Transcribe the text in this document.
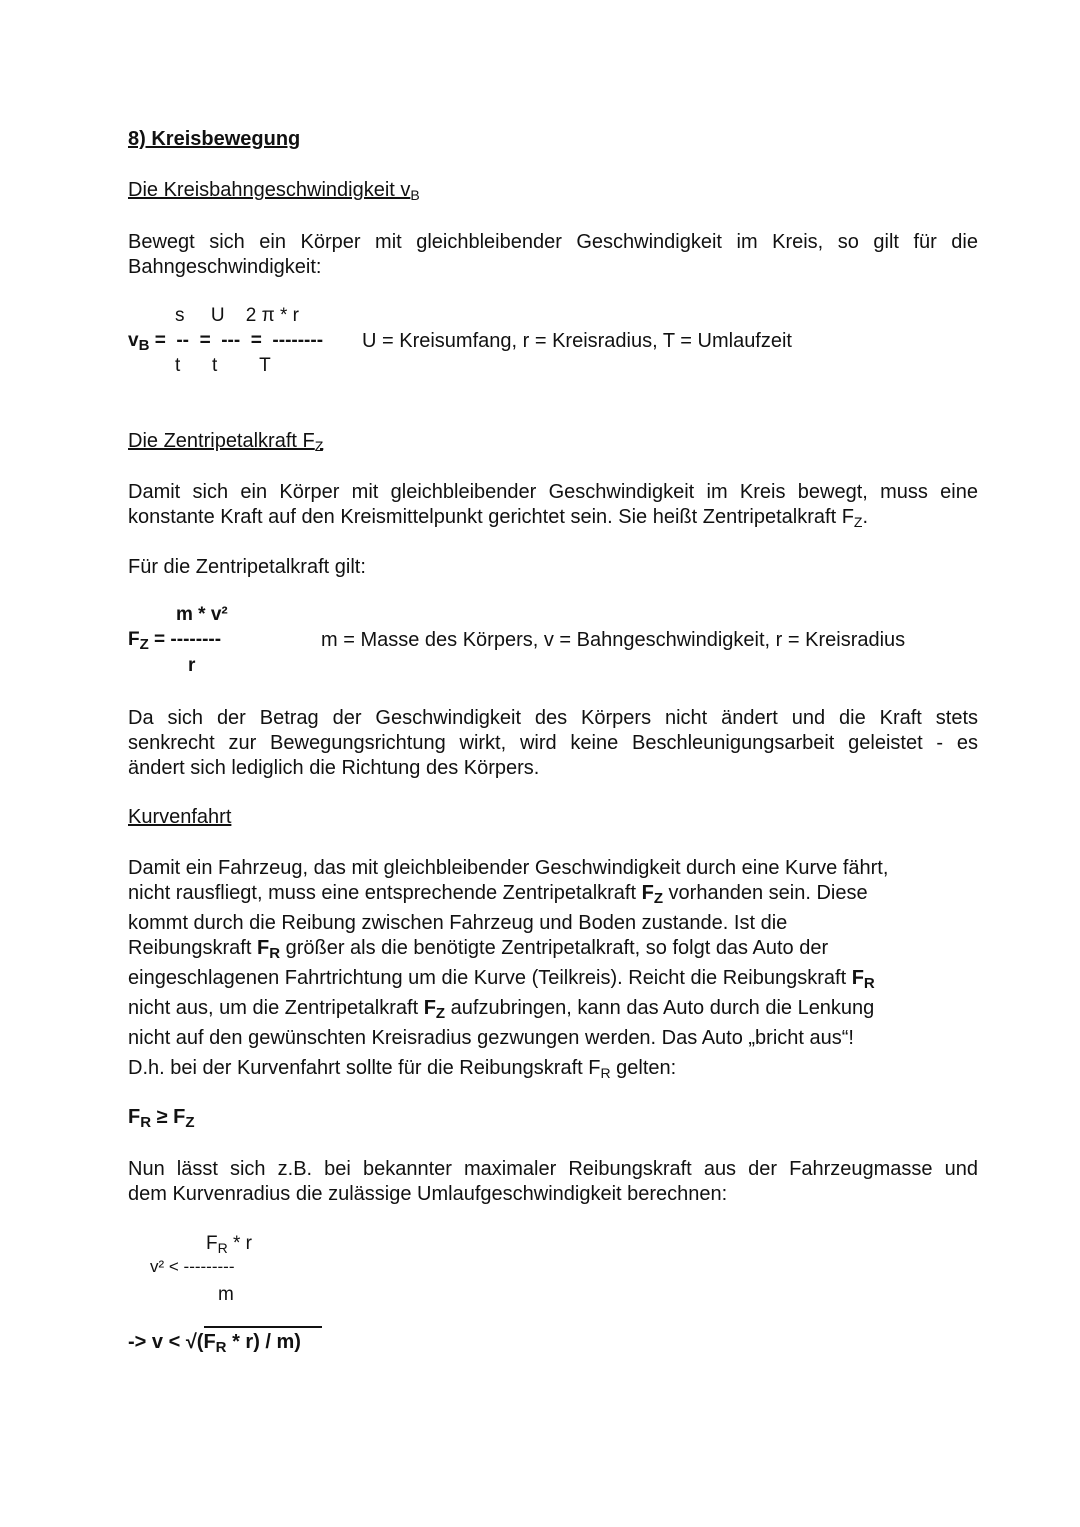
8) Kreisbewegung
Die Kreisbahngeschwindigkeit $v_B$
Bewegt sich ein Körper mit gleichbleibender Geschwindigkeit im Kreis, so gilt für die
Bahngeschwindigkeit:
s     U    2 π * r
$v_B$ =  --  =  ---  =  --------
t      t        T
U = Kreisumfang, r = Kreisradius, T = Umlaufzeit
Die Zentripetalkraft $F_Z$
Damit sich ein Körper mit gleichbleibender Geschwindigkeit im Kreis bewegt, muss eine
konstante Kraft auf den Kreismittelpunkt gerichtet sein. Sie heißt Zentripetalkraft $F_Z$.
Für die Zentripetalkraft gilt:
m * v²
$F_Z$ = --------
r
m = Masse des Körpers, v = Bahngeschwindigkeit, r = Kreisradius
Da sich der Betrag der Geschwindigkeit des Körpers nicht ändert und die Kraft stets
senkrecht zur Bewegungsrichtung wirkt, wird keine Beschleunigungsarbeit geleistet - es
ändert sich lediglich die Richtung des Körpers.
Kurvenfahrt
Damit ein Fahrzeug, das mit gleichbleibender Geschwindigkeit durch eine Kurve fährt,
nicht rausfliegt, muss eine entsprechende Zentripetalkraft $F_Z$ vorhanden sein. Diese
kommt durch die Reibung zwischen Fahrzeug und Boden zustande. Ist die
Reibungskraft $F_R$ größer als die benötigte Zentripetalkraft, so folgt das Auto der
eingeschlagenen Fahrtrichtung um die Kurve (Teilkreis). Reicht die Reibungskraft $F_R$
nicht aus, um die Zentripetalkraft $F_Z$ aufzubringen, kann das Auto durch die Lenkung
nicht auf den gewünschten Kreisradius gezwungen werden. Das Auto „bricht aus“!
D.h. bei der Kurvenfahrt sollte für die Reibungskraft $F_R$ gelten:
$F_R \ge F_Z$
Nun lässt sich z.B. bei bekannter maximaler Reibungskraft aus der Fahrzeugmasse und
dem Kurvenradius die zulässige Umlaufgeschwindigkeit berechnen:
$F_R$ * r
v² < ---------
m
-> $v < √(F_R * r) / m$)
